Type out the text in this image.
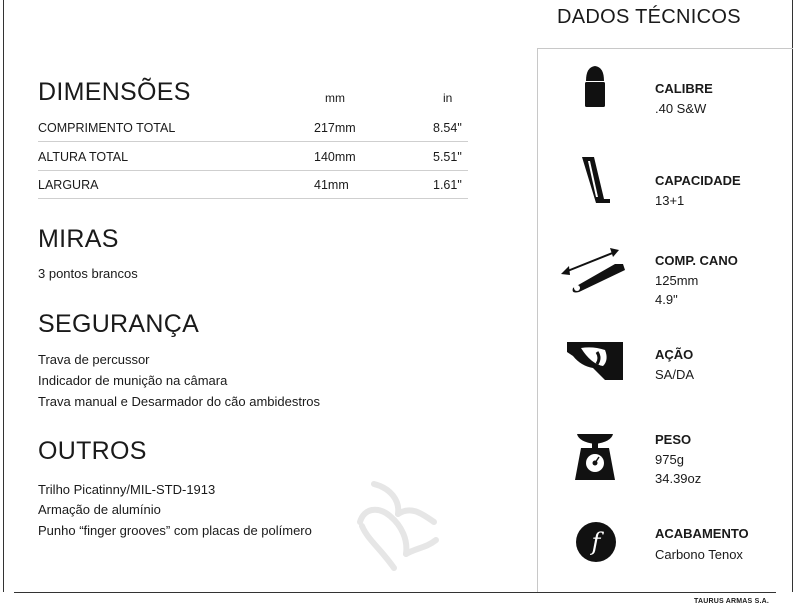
DIMENSÕES	mm	in
COMPRIMENTO TOTAL	217mm	8.54"
ALTURA TOTAL	140mm	5.51"
LARGURA	41mm	1.61"
MIRAS
3 pontos brancos
SEGURANÇA
Trava de percussor
Indicador de munição na câmara
Trava manual e Desarmador do cão ambidestros
OUTROS
Trilho Picatinny/MIL-STD-1913
Armação de alumínio
Punho “finger grooves” com placas de polímero
DADOS TÉCNICOS
CALIBRE
.40 S&W
CAPACIDADE
13+1
COMP. CANO
125mm
4.9"
AÇÃO
SA/DA
PESO
975g
34.39oz
f	ACABAMENTO
Carbono Tenox
TAURUS ARMAS S.A.
